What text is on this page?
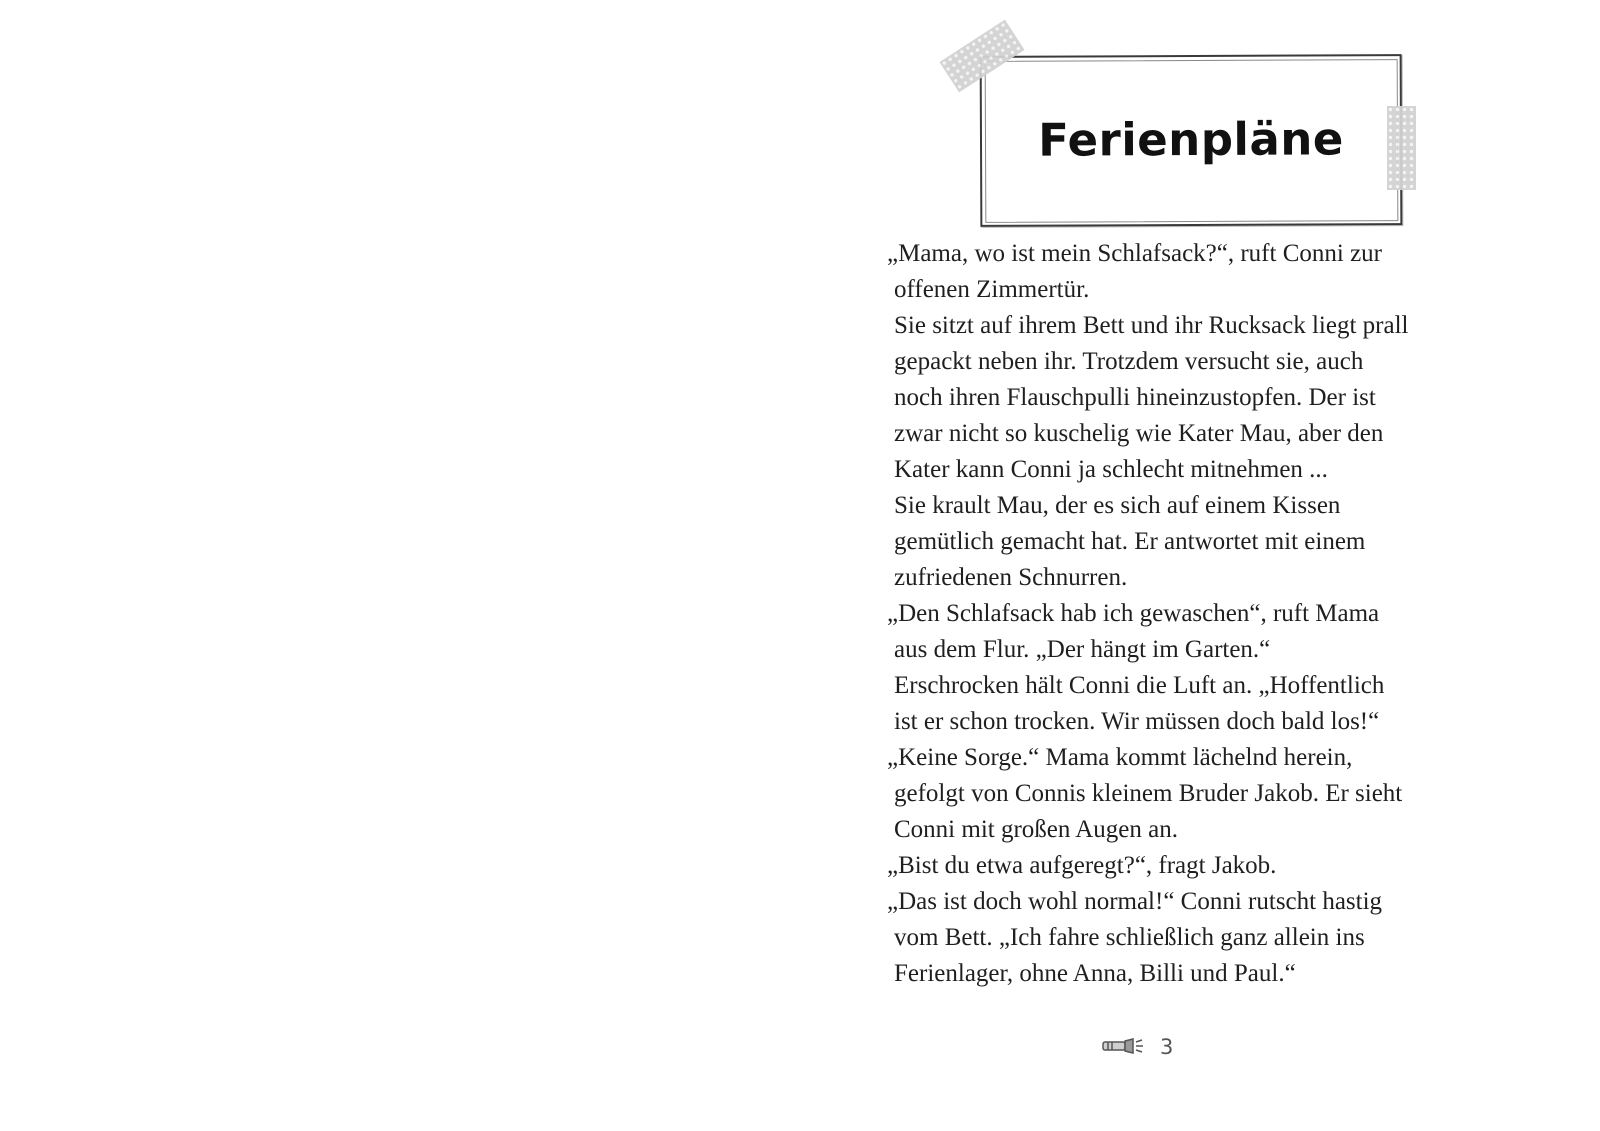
Ferienpläne
„Mama, wo ist mein Schlafsack?“, ruft Conni zur
offenen Zimmertür.
Sie sitzt auf ihrem Bett und ihr Rucksack liegt prall
gepackt neben ihr. Trotzdem versucht sie, auch
noch ihren Flauschpulli hineinzustopfen. Der ist
zwar nicht so kuschelig wie Kater Mau, aber den
Kater kann Conni ja schlecht mitnehmen ...
Sie krault Mau, der es sich auf einem Kissen
gemütlich gemacht hat. Er antwortet mit einem
zufriedenen Schnurren.
„Den Schlafsack hab ich gewaschen“, ruft Mama
aus dem Flur. „Der hängt im Garten.“
Erschrocken hält Conni die Luft an. „Hoffentlich
ist er schon trocken. Wir müssen doch bald los!“
„Keine Sorge.“ Mama kommt lächelnd herein,
gefolgt von Connis kleinem Bruder Jakob. Er sieht
Conni mit großen Augen an.
„Bist du etwa aufgeregt?“, fragt Jakob.
„Das ist doch wohl normal!“ Conni rutscht hastig
vom Bett. „Ich fahre schließlich ganz allein ins
Ferienlager, ohne Anna, Billi und Paul.“
3
